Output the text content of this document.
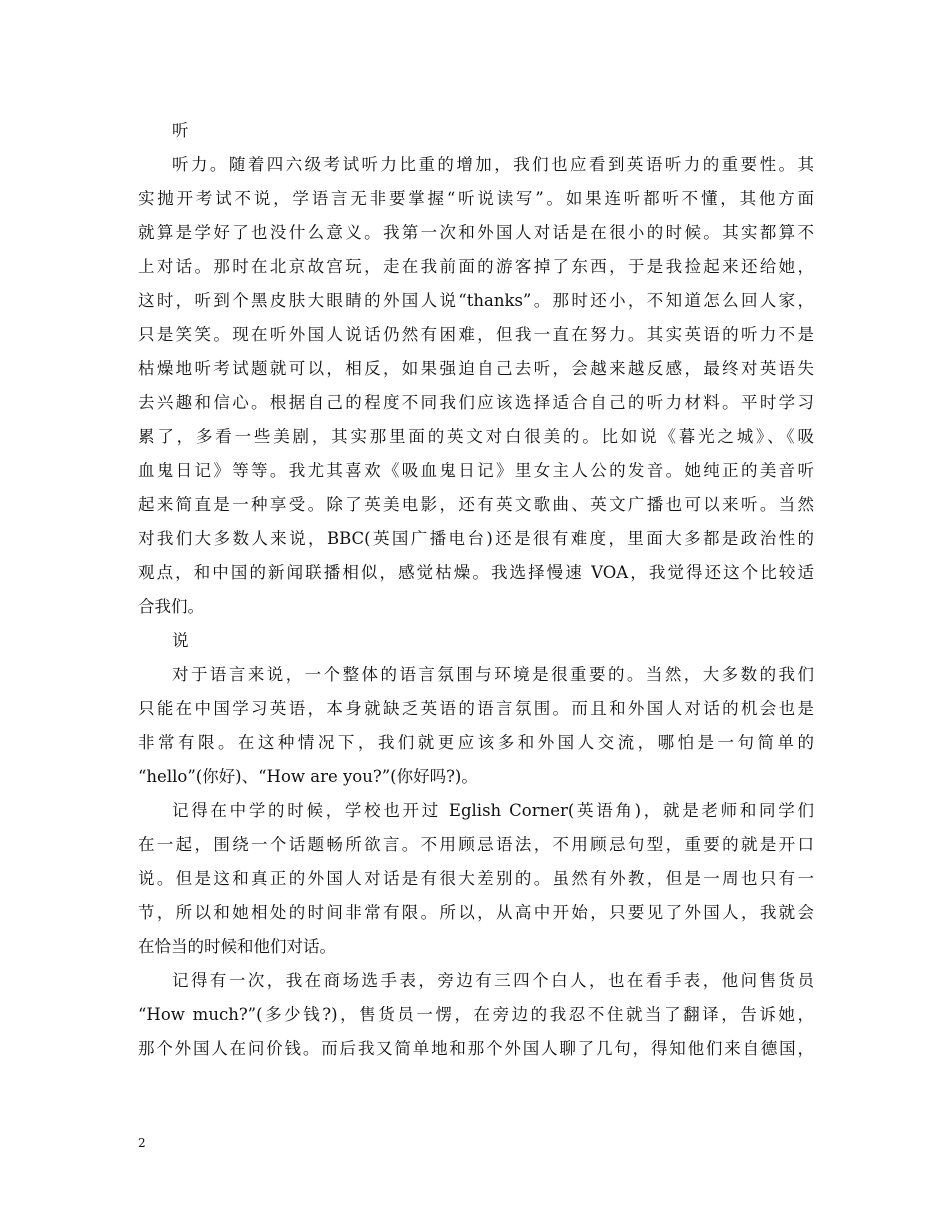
听
听力。随着四六级考试听力比重的增加，我们也应看到英语听力的重要性。其
实抛开考试不说，学语言无非要掌握“听说读写”。如果连听都听不懂，其他方面
就算是学好了也没什么意义。我第一次和外国人对话是在很小的时候。其实都算不
上对话。那时在北京故宫玩，走在我前面的游客掉了东西，于是我捡起来还给她，
这时，听到个黑皮肤大眼睛的外国人说“thanks”。那时还小，不知道怎么回人家，
只是笑笑。现在听外国人说话仍然有困难，但我一直在努力。其实英语的听力不是
枯燥地听考试题就可以，相反，如果强迫自己去听，会越来越反感，最终对英语失
去兴趣和信心。根据自己的程度不同我们应该选择适合自己的听力材料。平时学习
累了，多看一些美剧，其实那里面的英文对白很美的。比如说《暮光之城》、《吸
血鬼日记》等等。我尤其喜欢《吸血鬼日记》里女主人公的发音。她纯正的美音听
起来简直是一种享受。除了英美电影，还有英文歌曲、英文广播也可以来听。当然
对我们大多数人来说，BBC(英国广播电台)还是很有难度，里面大多都是政治性的
观点，和中国的新闻联播相似，感觉枯燥。我选择慢速 VOA，我觉得还这个比较适
合我们。
说
对于语言来说，一个整体的语言氛围与环境是很重要的。当然，大多数的我们
只能在中国学习英语，本身就缺乏英语的语言氛围。而且和外国人对话的机会也是
非常有限。在这种情况下，我们就更应该多和外国人交流，哪怕是一句简单的
“hello”(你好)、“How are you?”(你好吗?)。
记得在中学的时候，学校也开过 Eglish Corner(英语角)，就是老师和同学们
在一起，围绕一个话题畅所欲言。不用顾忌语法，不用顾忌句型，重要的就是开口
说。但是这和真正的外国人对话是有很大差别的。虽然有外教，但是一周也只有一
节，所以和她相处的时间非常有限。所以，从高中开始，只要见了外国人，我就会
在恰当的时候和他们对话。
记得有一次，我在商场选手表，旁边有三四个白人，也在看手表，他问售货员
“How much?”(多少钱?)，售货员一愣，在旁边的我忍不住就当了翻译，告诉她，
那个外国人在问价钱。而后我又简单地和那个外国人聊了几句，得知他们来自德国，
2
